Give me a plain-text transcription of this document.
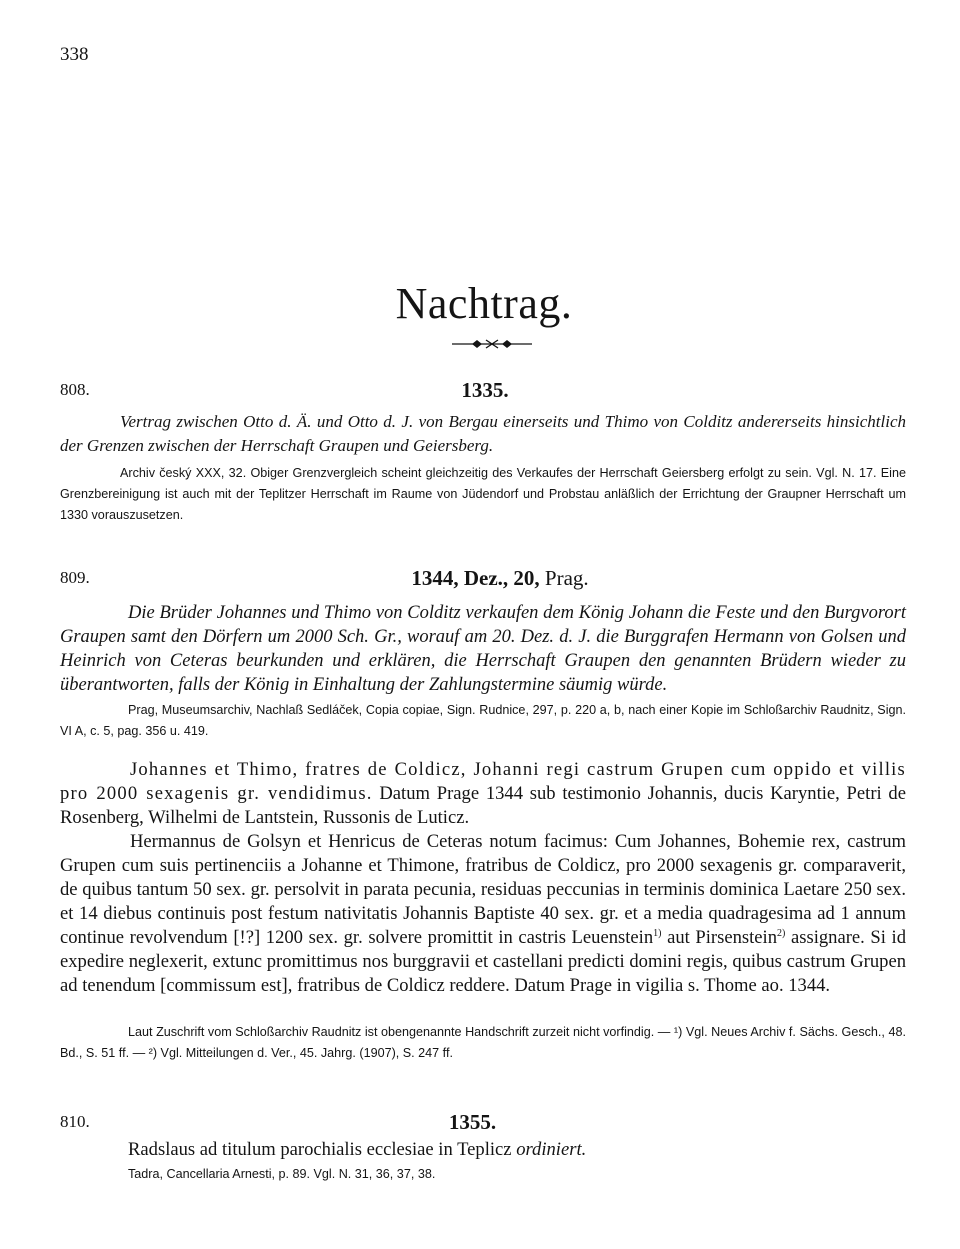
338
Nachtrag.
808.	1335.
Vertrag zwischen Otto d. Ä. und Otto d. J. von Bergau einerseits und Thimo von Colditz andererseits hinsichtlich der Grenzen zwischen der Herrschaft Graupen und Geiersberg.
Archiv český XXX, 32. Obiger Grenzvergleich scheint gleichzeitig des Verkaufes der Herrschaft Geiersberg erfolgt zu sein. Vgl. N. 17. Eine Grenzbereinigung ist auch mit der Teplitzer Herrschaft im Raume von Jüdendorf und Probstau anläßlich der Errichtung der Graupner Herrschaft um 1330 vorauszusetzen.
809.	1344, Dez., 20, Prag.
Die Brüder Johannes und Thimo von Colditz verkaufen dem König Johann die Feste und den Burgvorort Graupen samt den Dörfern um 2000 Sch. Gr., worauf am 20. Dez. d. J. die Burggrafen Hermann von Golsen und Heinrich von Ceteras beurkunden und erklären, die Herrschaft Graupen den genannten Brüdern wieder zu überantworten, falls der König in Einhaltung der Zahlungstermine säumig würde.
Prag, Museumsarchiv, Nachlaß Sedláček, Copia copiae, Sign. Rudnice, 297, p. 220 a, b, nach einer Kopie im Schloßarchiv Raudnitz, Sign. VI A, c. 5, pag. 356 u. 419.

Johannes et Thimo, fratres de Coldicz, Johanni regi castrum Grupen cum oppido et villis pro 2000 sexagenis gr. vendidimus. Datum Prage 1344 sub testimonio Johannis, ducis Karyntie, Petri de Rosenberg, Wilhelmi de Lantstein, Russonis de Luticz.

Hermannus de Golsyn et Henricus de Ceteras notum facimus: Cum Johannes, Bohemie rex, castrum Grupen cum suis pertinenciis a Johanne et Thimone, fratribus de Coldicz, pro 2000 sexagenis gr. comparaverit, de quibus tantum 50 sex. gr. persolvit in parata pecunia, residuas peccunias in terminis dominica Laetare 250 sex. et 14 diebus continuis post festum nativitatis Johannis Baptiste 40 sex. gr. et a media quadragesima ad 1 annum continue revolvendum [!?] 1200 sex. gr. solvere promittit in castris Leuenstein$^{1)}$ aut Pirsenstein$^{2)}$ assignare. Si id expedire neglexerit, extunc promittimus nos burggravii et castellani predicti domini regis, quibus castrum Grupen ad tenendum [commissum est], fratribus de Coldicz reddere. Datum Prage in vigilia s. Thome ao. 1344.

Laut Zuschrift vom Schloßarchiv Raudnitz ist obengenannte Handschrift zurzeit nicht vorfindig. — ¹) Vgl. Neues Archiv f. Sächs. Gesch., 48. Bd., S. 51 ff. — ²) Vgl. Mitteilungen d. Ver., 45. Jahrg. (1907), S. 247 ff.
810.	1355.
Radslaus ad titulum parochialis ecclesiae in Teplicz ordiniert.
Tadra, Cancellaria Arnesti, p. 89. Vgl. N. 31, 36, 37, 38.
